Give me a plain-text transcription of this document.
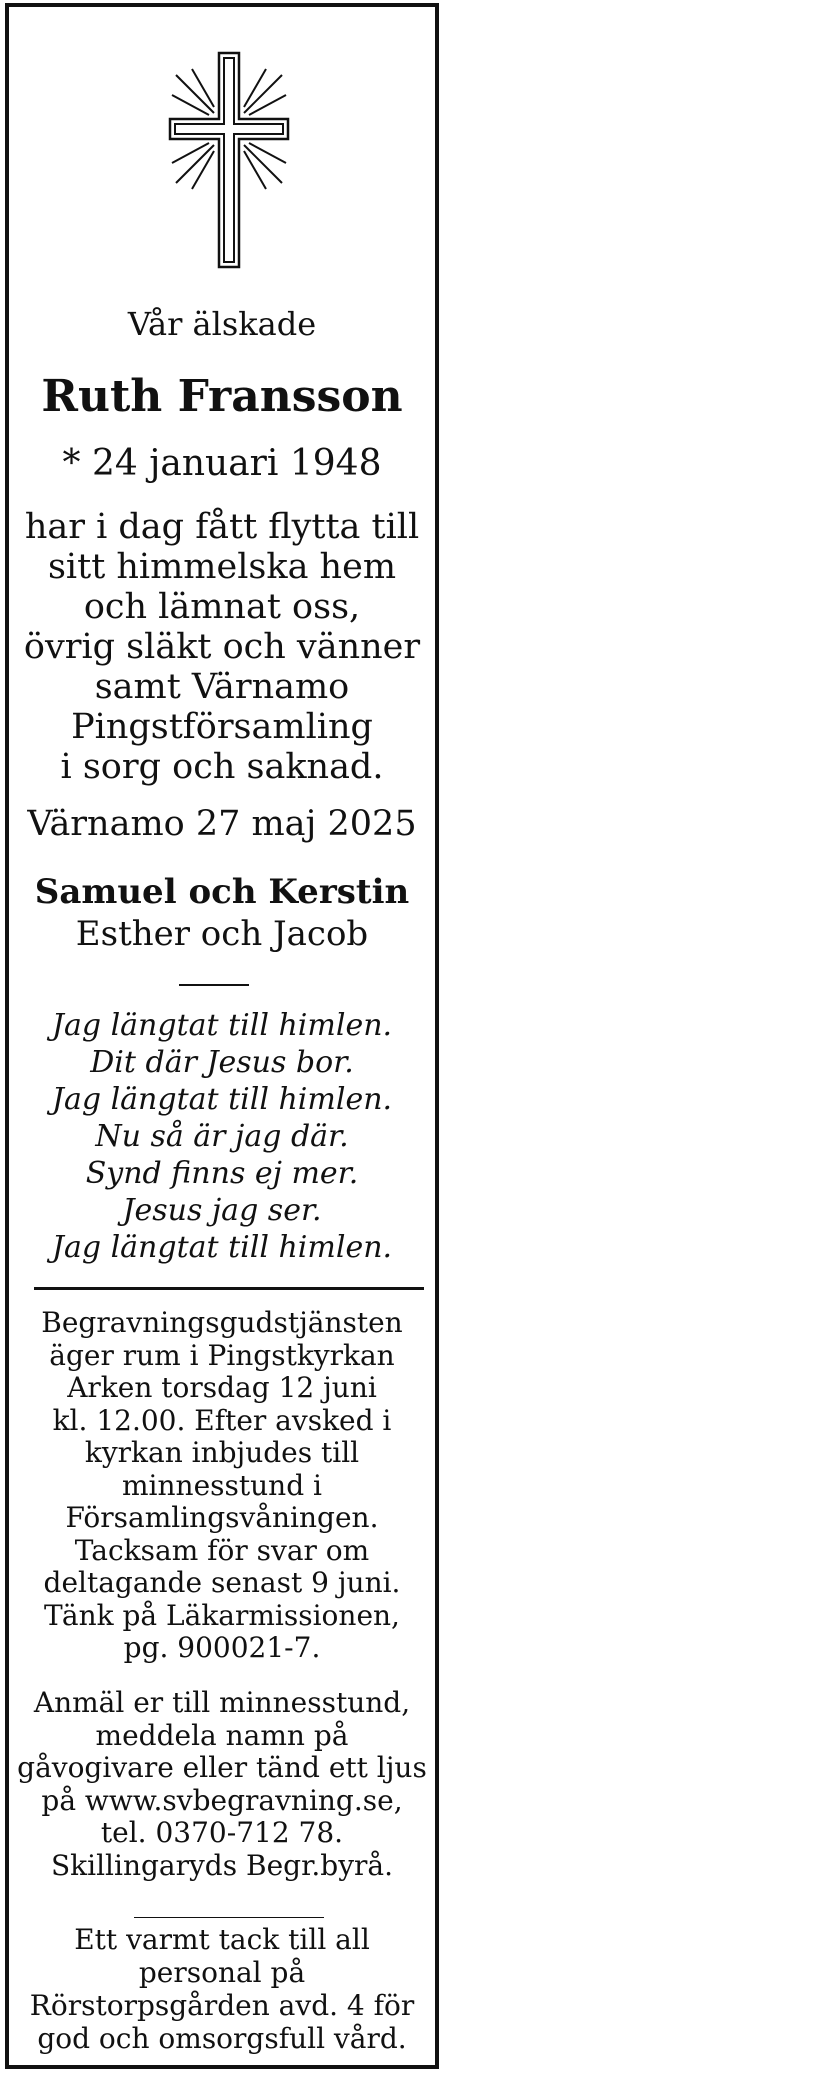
Vår älskade
Ruth Fransson
* 24 januari 1948
har i dag fått flytta till
sitt himmelska hem
och lämnat oss,
övrig släkt och vänner
samt Värnamo
Pingstförsamling
i sorg och saknad.
Värnamo 27 maj 2025
Samuel och Kerstin
Esther och Jacob
Jag längtat till himlen.
Dit där Jesus bor.
Jag längtat till himlen.
Nu så är jag där.
Synd finns ej mer.
Jesus jag ser.
Jag längtat till himlen.
Begravningsgudstjänsten
äger rum i Pingstkyrkan
Arken torsdag 12 juni
kl. 12.00. Efter avsked i
kyrkan inbjudes till
minnesstund i
Församlingsvåningen.
Tacksam för svar om
deltagande senast 9 juni.
Tänk på Läkarmissionen,
pg. 900021-7.
Anmäl er till minnesstund,
meddela namn på
gåvogivare eller tänd ett ljus
på www.svbegravning.se,
tel. 0370-712 78.
Skillingaryds Begr.byrå.
Ett varmt tack till all
personal på
Rörstorpsgården avd. 4 för
god och omsorgsfull vård.
